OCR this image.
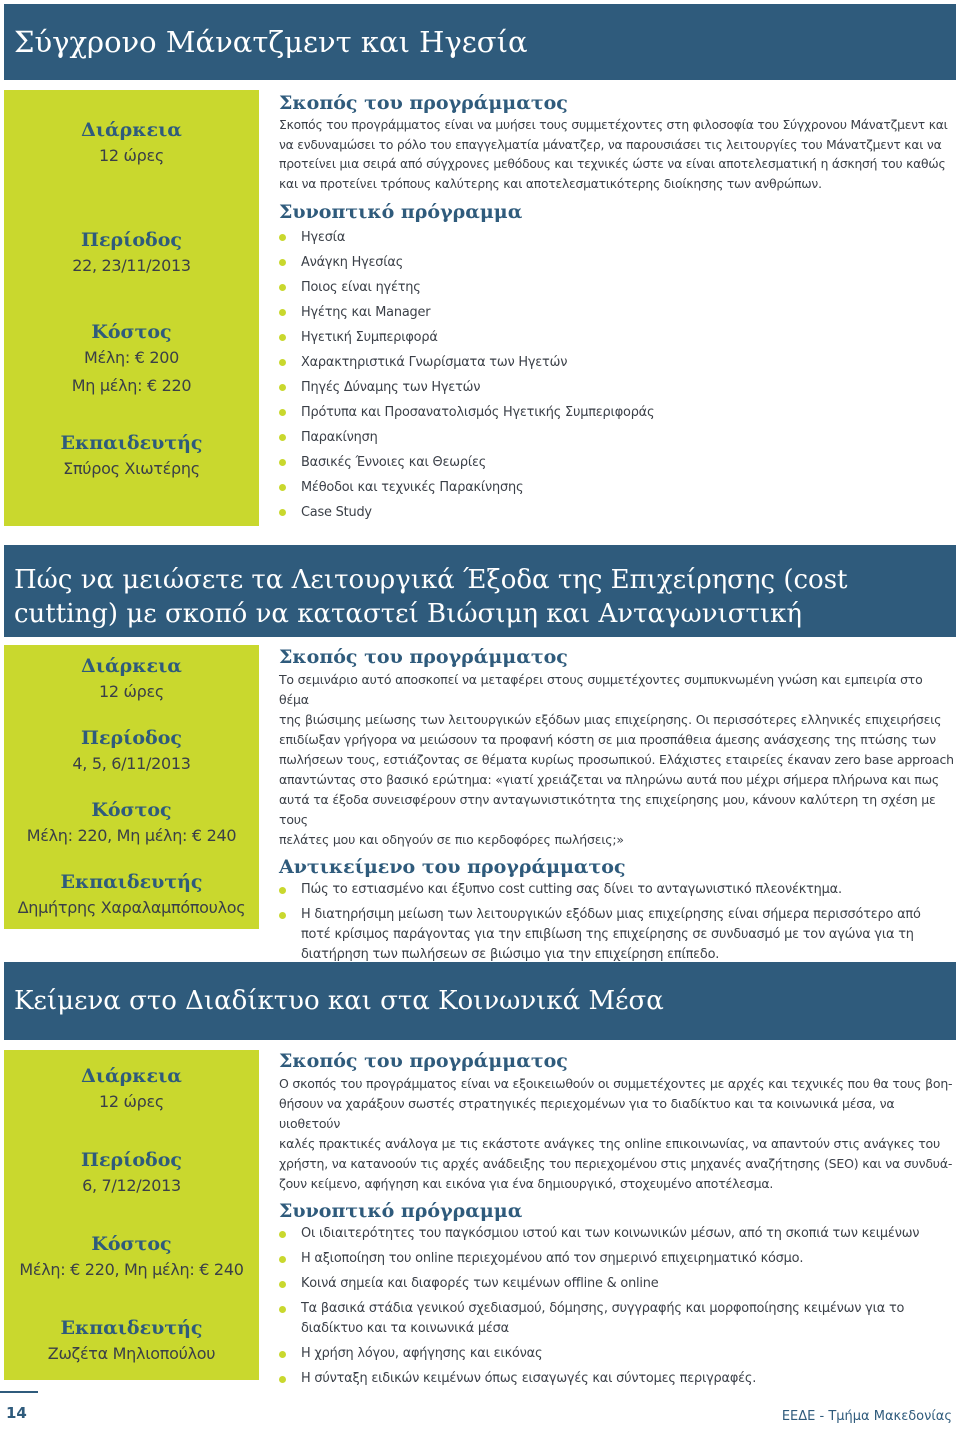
Σύγχρονο Μάνατζμεντ και Ηγεσία
Διάρκεια
12 ώρες
Περίοδος
22, 23/11/2013
Κόστος
Μέλη: € 200
Μη μέλη: € 220
Εκπαιδευτής
Σπύρος Χιωτέρης
Σκοπός του προγράμματος

Σκοπός του προγράμματος είναι να μυήσει τους συμμετέχοντες στη φιλοσοφία του Σύγχρονου Μάνατζμεντ και
να ενδυναμώσει το ρόλο του επαγγελματία μάνατζερ, να παρουσιάσει τις λειτουργίες του Μάνατζμεντ και να
προτείνει μια σειρά από σύγχρονες μεθόδους και τεχνικές ώστε να είναι αποτελεσματική η άσκησή του καθώς
και να προτείνει τρόπους καλύτερης και αποτελεσματικότερης διοίκησης των ανθρώπων.

Συνοπτικό πρόγραμμα
Ηγεσία
Ανάγκη Ηγεσίας
Ποιος είναι ηγέτης
Ηγέτης και Manager
Ηγετική Συμπεριφορά
Χαρακτηριστικά Γνωρίσματα των Ηγετών
Πηγές Δύναμης των Ηγετών
Πρότυπα και Προσανατολισμός Ηγετικής Συμπεριφοράς
Παρακίνηση
Βασικές Έννοιες και Θεωρίες
Μέθοδοι και τεχνικές Παρακίνησης
Case Study
Πώς να μειώσετε τα Λειτουργικά Έξοδα της Επιχείρησης (cost
cutting) με σκοπό να καταστεί Βιώσιμη και Ανταγωνιστική
Διάρκεια
12 ώρες
Περίοδος
4, 5, 6/11/2013
Κόστος
Μέλη: 220, Μη μέλη: € 240
Εκπαιδευτής
Δημήτρης Χαραλαμπόπουλος
Σκοπός του προγράμματος

Το σεμινάριο αυτό αποσκοπεί να μεταφέρει στους συμμετέχοντες συμπυκνωμένη γνώση και εμπειρία στο θέμα
της βιώσιμης μείωσης των λειτουργικών εξόδων μιας επιχείρησης. Οι περισσότερες ελληνικές επιχειρήσεις
επιδίωξαν γρήγορα να μειώσουν τα προφανή κόστη σε μια προσπάθεια άμεσης ανάσχεσης της πτώσης των
πωλήσεων τους, εστιάζοντας σε θέματα κυρίως προσωπικού. Ελάχιστες εταιρείες έκαναν zero base approach
απαντώντας στο βασικό ερώτημα: «γιατί χρειάζεται να πληρώνω αυτά που μέχρι σήμερα πλήρωνα και πως
αυτά τα έξοδα συνεισφέρουν στην ανταγωνιστικότητα της επιχείρησης μου, κάνουν καλύτερη τη σχέση με τους
πελάτες μου και οδηγούν σε πιο κερδοφόρες πωλήσεις;»

Αντικείμενο του προγράμματος
Πώς το εστιασμένο και έξυπνο cost cutting σας δίνει το ανταγωνιστικό πλεονέκτημα.
Η διατηρήσιμη μείωση των λειτουργικών εξόδων μιας επιχείρησης είναι σήμερα περισσότερο από ποτέ κρίσιμος παράγοντας για την επιβίωση της επιχείρησης σε συνδυασμό με τον αγώνα για τη διατήρηση των πωλήσεων σε βιώσιμο για την επιχείρηση επίπεδο.
Κείμενα στο Διαδίκτυο και στα Κοινωνικά Μέσα
Διάρκεια
12 ώρες
Περίοδος
6, 7/12/2013
Κόστος
Μέλη: € 220, Μη μέλη: € 240
Εκπαιδευτής
Ζωζέτα Μηλιοπούλου
Σκοπός του προγράμματος

Ο σκοπός του προγράμματος είναι να εξοικειωθούν οι συμμετέχοντες με αρχές και τεχνικές που θα τους βοη-
θήσουν να χαράξουν σωστές στρατηγικές περιεχομένων για το διαδίκτυο και τα κοινωνικά μέσα, να υιοθετούν
καλές πρακτικές ανάλογα με τις εκάστοτε ανάγκες της online επικοινωνίας, να απαντούν στις ανάγκες του
χρήστη, να κατανοούν τις αρχές ανάδειξης του περιεχομένου στις μηχανές αναζήτησης (SEO) και να συνδυά-
ζουν κείμενο, αφήγηση και εικόνα για ένα δημιουργικό, στοχευμένο αποτέλεσμα.

Συνοπτικό πρόγραμμα
Οι ιδιαιτερότητες του παγκόσμιου ιστού και των κοινωνικών μέσων, από τη σκοπιά των κειμένων
Η αξιοποίηση του online περιεχομένου από τον σημερινό επιχειρηματικό κόσμο.
Κοινά σημεία και διαφορές των κειμένων offline & online
Τα βασικά στάδια γενικού σχεδιασμού, δόμησης, συγγραφής και μορφοποίησης κειμένων για το διαδίκτυο και τα κοινωνικά μέσα
Η χρήση λόγου, αφήγησης και εικόνας
Η σύνταξη ειδικών κειμένων όπως εισαγωγές και σύντομες περιγραφές.
14	ΕΕΔΕ - Τμήμα Μακεδονίας
